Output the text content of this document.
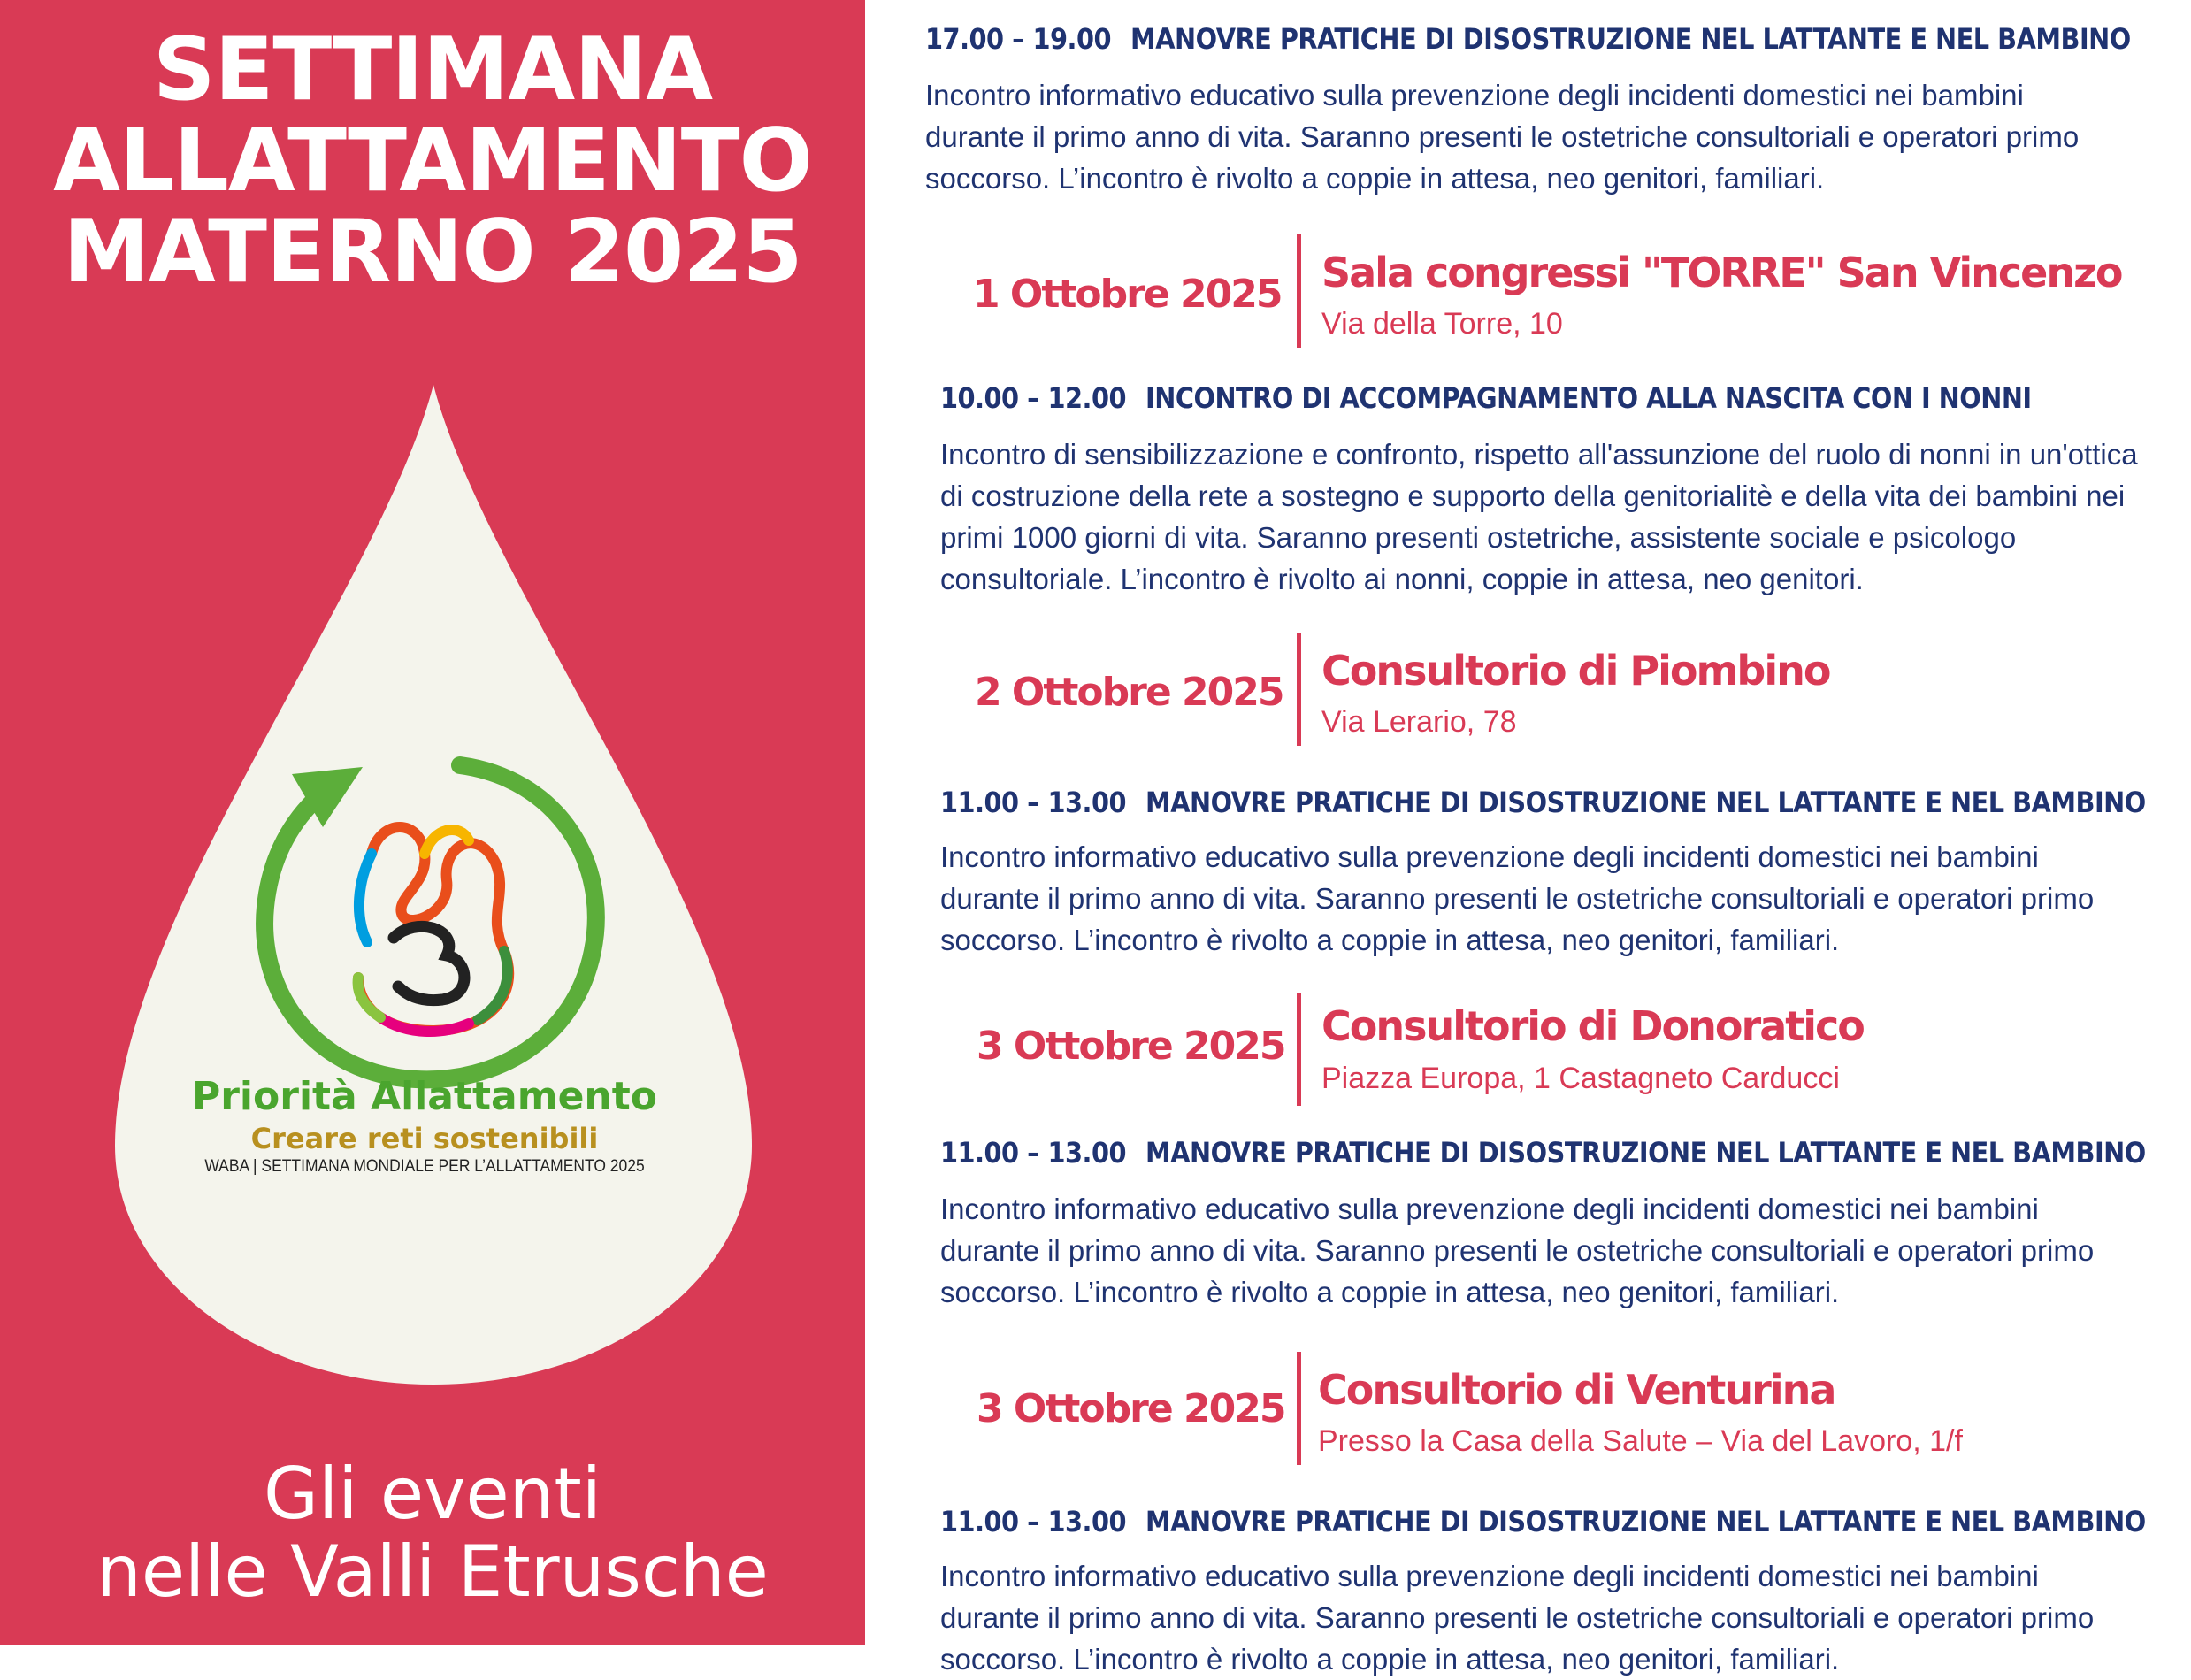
SETTIMANA
ALLATTAMENTO
MATERNO 2025
Priorità Allattamento
Creare reti sostenibili
WABA | SETTIMANA MONDIALE PER L’ALLATTAMENTO 2025
Gli eventi
nelle Valli Etrusche
17.00 – 19.00 MANOVRE PRATICHE DI DISOSTRUZIONE NEL LATTANTE E NEL BAMBINO
Incontro informativo educativo sulla prevenzione degli incidenti domestici nei bambini
durante il primo anno di vita. Saranno presenti le ostetriche consultoriali e operatori primo
soccorso. L’incontro è rivolto a coppie in attesa, neo genitori, familiari.
1 Ottobre 2025 Sala congressi "TORRE" San Vincenzo
Via della Torre, 10
10.00 – 12.00 INCONTRO DI ACCOMPAGNAMENTO ALLA NASCITA CON I NONNI
Incontro di sensibilizzazione e confronto, rispetto all'assunzione del ruolo di nonni in un'ottica
di costruzione della rete a sostegno e supporto della genitorialitè e della vita dei bambini nei
primi 1000 giorni di vita. Saranno presenti ostetriche, assistente sociale e psicologo
consultoriale. L’incontro è rivolto ai nonni, coppie in attesa, neo genitori.
2 Ottobre 2025 Consultorio di Piombino
Via Lerario, 78
11.00 – 13.00 MANOVRE PRATICHE DI DISOSTRUZIONE NEL LATTANTE E NEL BAMBINO
Incontro informativo educativo sulla prevenzione degli incidenti domestici nei bambini
durante il primo anno di vita. Saranno presenti le ostetriche consultoriali e operatori primo
soccorso. L’incontro è rivolto a coppie in attesa, neo genitori, familiari.
3 Ottobre 2025 Consultorio di Donoratico
Piazza Europa, 1 Castagneto Carducci
11.00 – 13.00 MANOVRE PRATICHE DI DISOSTRUZIONE NEL LATTANTE E NEL BAMBINO
Incontro informativo educativo sulla prevenzione degli incidenti domestici nei bambini
durante il primo anno di vita. Saranno presenti le ostetriche consultoriali e operatori primo
soccorso. L’incontro è rivolto a coppie in attesa, neo genitori, familiari.
3 Ottobre 2025 Consultorio di Venturina
Presso la Casa della Salute – Via del Lavoro, 1/f
11.00 – 13.00 MANOVRE PRATICHE DI DISOSTRUZIONE NEL LATTANTE E NEL BAMBINO
Incontro informativo educativo sulla prevenzione degli incidenti domestici nei bambini
durante il primo anno di vita. Saranno presenti le ostetriche consultoriali e operatori primo
soccorso. L’incontro è rivolto a coppie in attesa, neo genitori, familiari.
